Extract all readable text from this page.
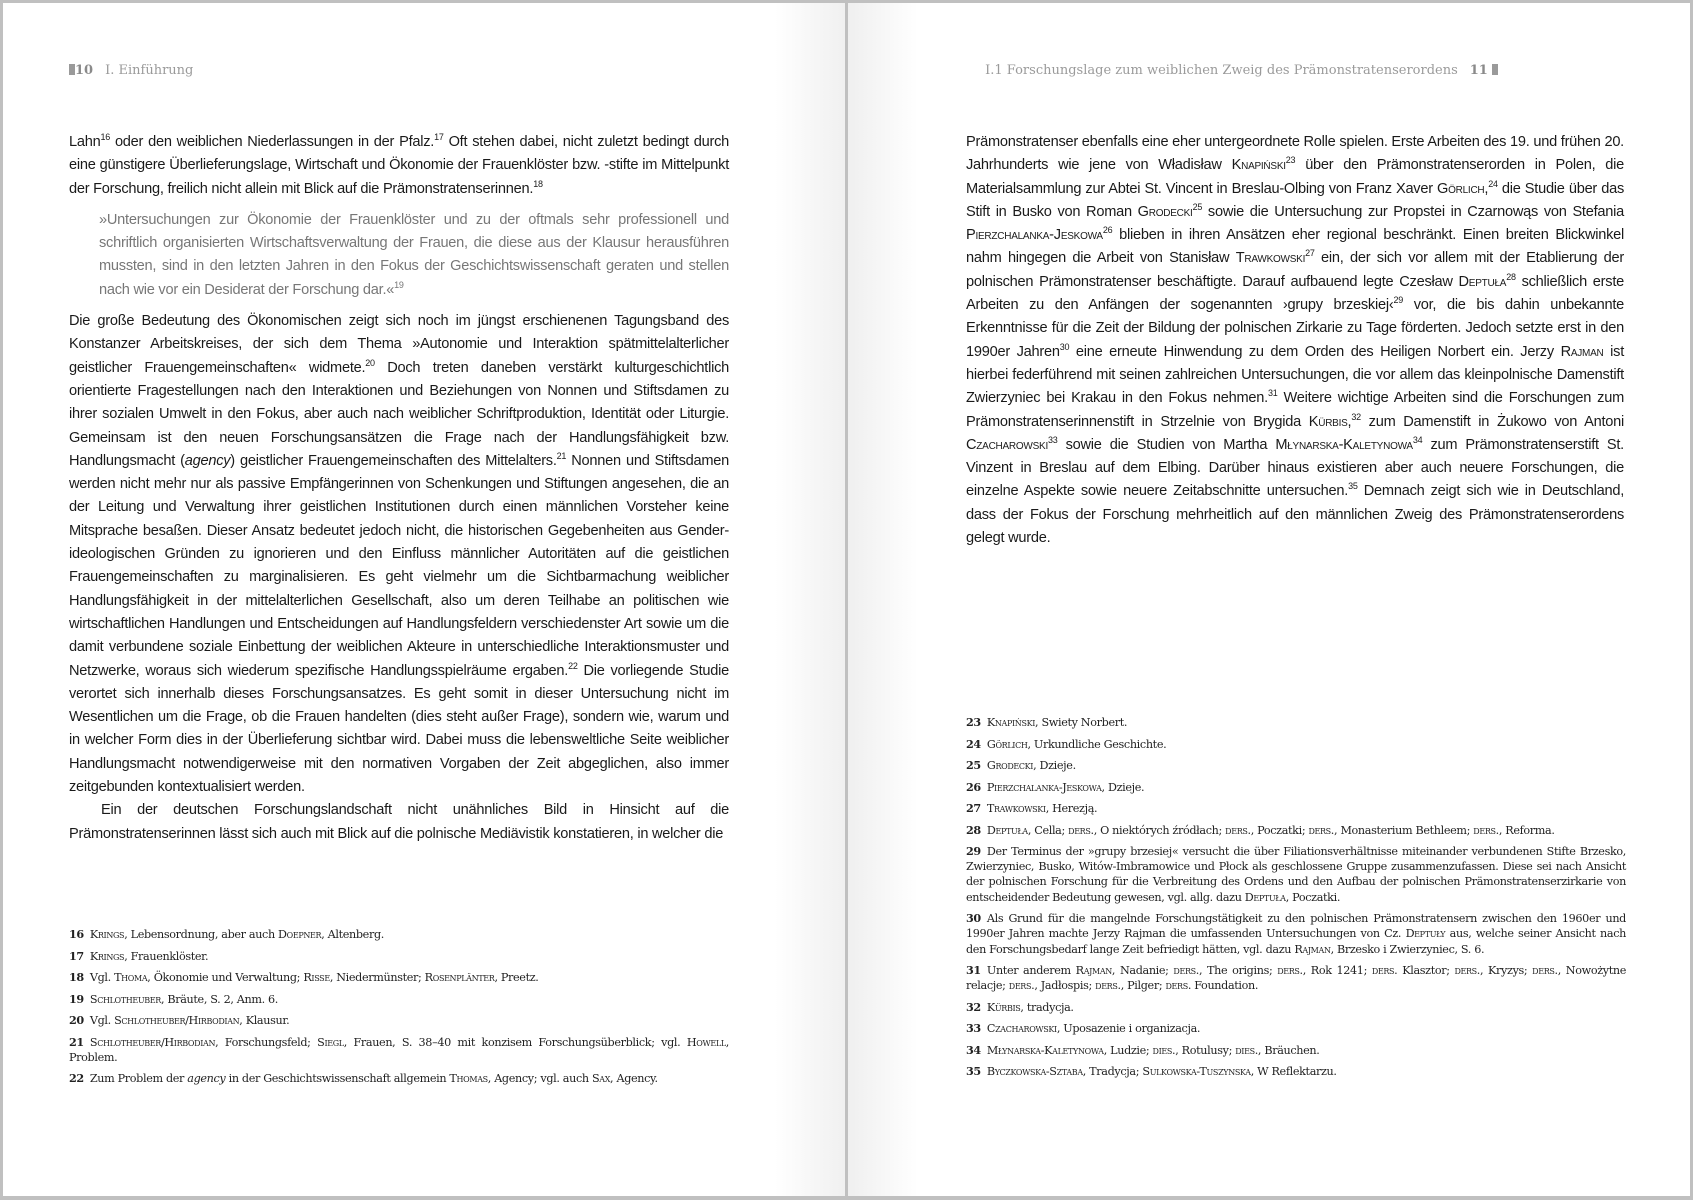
10 I. Einführung

Lahn$^{16}$ oder den weiblichen Niederlassungen in der Pfalz.$^{17}$ Oft stehen dabei, nicht zuletzt bedingt durch eine günstigere Überlieferungslage, Wirtschaft und Ökonomie der Frauenklöster bzw. -stifte im Mittelpunkt der Forschung, freilich nicht allein mit Blick auf die Prämonstratenserinnen.$^{18}$

»Untersuchungen zur Ökonomie der Frauenklöster und zu der oftmals sehr professionell und schriftlich organisierten Wirtschaftsverwaltung der Frauen, die diese aus der Klausur herausführen mussten, sind in den letzten Jahren in den Fokus der Geschichtswissenschaft geraten und stellen nach wie vor ein Desiderat der Forschung dar.«$^{19}$

Die große Bedeutung des Ökonomischen zeigt sich noch im jüngst erschienenen Tagungsband des Konstanzer Arbeitskreises, der sich dem Thema »Autonomie und Interaktion spätmittelalterlicher geistlicher Frauengemeinschaften« widmete.$^{20}$ Doch treten daneben verstärkt kulturgeschichtlich orientierte Fragestellungen nach den Interaktionen und Beziehungen von Nonnen und Stiftsdamen zu ihrer sozialen Umwelt in den Fokus, aber auch nach weiblicher Schriftproduktion, Identität oder Liturgie. Gemeinsam ist den neuen Forschungsansätzen die Frage nach der Handlungsfähigkeit bzw. Handlungsmacht (agency) geistlicher Frauengemeinschaften des Mittelalters.$^{21}$ Nonnen und Stiftsdamen werden nicht mehr nur als passive Empfängerinnen von Schenkungen und Stiftungen angesehen, die an der Leitung und Verwaltung ihrer geistlichen Institutionen durch einen männlichen Vorsteher keine Mitsprache besaßen. Dieser Ansatz bedeutet jedoch nicht, die historischen Gegebenheiten aus Gender-ideologischen Gründen zu ignorieren und den Einfluss männlicher Autoritäten auf die geistlichen Frauengemeinschaften zu marginalisieren. Es geht vielmehr um die Sichtbarmachung weiblicher Handlungsfähigkeit in der mittelalterlichen Gesellschaft, also um deren Teilhabe an politischen wie wirtschaftlichen Handlungen und Entscheidungen auf Handlungsfeldern verschiedenster Art sowie um die damit verbundene soziale Einbettung der weiblichen Akteure in unterschiedliche Interaktionsmuster und Netzwerke, woraus sich wiederum spezifische Handlungsspielräume ergaben.$^{22}$ Die vorliegende Studie verortet sich innerhalb dieses Forschungsansatzes. Es geht somit in dieser Untersuchung nicht im Wesentlichen um die Frage, ob die Frauen handelten (dies steht außer Frage), sondern wie, warum und in welcher Form dies in der Überlieferung sichtbar wird. Dabei muss die lebensweltliche Seite weiblicher Handlungsmacht notwendigerweise mit den normativen Vorgaben der Zeit abgeglichen, also immer zeitgebunden kontextualisiert werden.

Ein der deutschen Forschungslandschaft nicht unähnliches Bild in Hinsicht auf die Prämonstratenserinnen lässt sich auch mit Blick auf die polnische Mediävistik konstatieren, in welcher die

16 Krings, Lebensordnung, aber auch Doepner, Altenberg.
17 Krings, Frauenklöster.
18 Vgl. Thoma, Ökonomie und Verwaltung; Risse, Niedermünster; Rosenplänter, Preetz.
19 Schlotheuber, Bräute, S. 2, Anm. 6.
20 Vgl. Schlotheuber/Hirbodian, Klausur.
21 Schlotheuber/Hirbodian, Forschungsfeld; Siegl, Frauen, S. 38–40 mit konzisem Forschungsüberblick; vgl. Howell, Problem.
22 Zum Problem der agency in der Geschichtswissenschaft allgemein Thomas, Agency; vgl. auch Sax, Agency.
I.1 Forschungslage zum weiblichen Zweig des Prämonstratenserordens 11

Prämonstratenser ebenfalls eine eher untergeordnete Rolle spielen. Erste Arbeiten des 19. und frühen 20. Jahrhunderts wie jene von Władisław Knapiński$^{23}$ über den Prämonstratenserorden in Polen, die Materialsammlung zur Abtei St. Vincent in Breslau-Olbing von Franz Xaver Görlich,$^{24}$ die Studie über das Stift in Busko von Roman Grodecki$^{25}$ sowie die Untersuchung zur Propstei in Czarnowąs von Stefania Pierzchalanka-Jeskowa$^{26}$ blieben in ihren Ansätzen eher regional beschränkt. Einen breiten Blickwinkel nahm hingegen die Arbeit von Stanisław Trawkowski$^{27}$ ein, der sich vor allem mit der Etablierung der polnischen Prämonstratenser beschäftigte. Darauf aufbauend legte Czesław Deptuła$^{28}$ schließlich erste Arbeiten zu den Anfängen der sogenannten ›grupy brzeskiej‹$^{29}$ vor, die bis dahin unbekannte Erkenntnisse für die Zeit der Bildung der polnischen Zirkarie zu Tage förderten. Jedoch setzte erst in den 1990er Jahren$^{30}$ eine erneute Hinwendung zu dem Orden des Heiligen Norbert ein. Jerzy Rajman ist hierbei federführend mit seinen zahlreichen Untersuchungen, die vor allem das kleinpolnische Damenstift Zwierzyniec bei Krakau in den Fokus nehmen.$^{31}$ Weitere wichtige Arbeiten sind die Forschungen zum Prämonstratenserinnenstift in Strzelnie von Brygida Kürbis,$^{32}$ zum Damenstift in Żukowo von Antoni Czacharowski$^{33}$ sowie die Studien von Martha Młynarska-Kaletynowa$^{34}$ zum Prämonstratenserstift St. Vinzent in Breslau auf dem Elbing. Darüber hinaus existieren aber auch neuere Forschungen, die einzelne Aspekte sowie neuere Zeitabschnitte untersuchen.$^{35}$ Demnach zeigt sich wie in Deutschland, dass der Fokus der Forschung mehrheitlich auf den männlichen Zweig des Prämonstratenserordens gelegt wurde.

23 Knapiński, Swiety Norbert.
24 Görlich, Urkundliche Geschichte.
25 Grodecki, Dzieje.
26 Pierzchalanka-Jeskowa, Dzieje.
27 Trawkowski, Herezją.
28 Deptuła, Cella; ders., O niektórych źródłach; ders., Poczatki; ders., Monasterium Bethleem; ders., Reforma.
29 Der Terminus der »grupy brzesiej« versucht die über Filiationsverhältnisse miteinander verbundenen Stifte Brzesko, Zwierzyniec, Busko, Witów-Imbramowice und Płock als geschlossene Gruppe zusammenzufassen. Diese sei nach Ansicht der polnischen Forschung für die Verbreitung des Ordens und den Aufbau der polnischen Prämonstratenserzirkarie von entscheidender Bedeutung gewesen, vgl. allg. dazu Deptuła, Poczatki.
30 Als Grund für die mangelnde Forschungstätigkeit zu den polnischen Prämonstratensern zwischen den 1960er und 1990er Jahren machte Jerzy Rajman die umfassenden Untersuchungen von Cz. Deptuły aus, welche seiner Ansicht nach den Forschungsbedarf lange Zeit befriedigt hätten, vgl. dazu Rajman, Brzesko i Zwierzyniec, S. 6.
31 Unter anderem Rajman, Nadanie; ders., The origins; ders., Rok 1241; ders. Klasztor; ders., Kryzys; ders., Nowożytne relacje; ders., Jadłospis; ders., Pilger; ders. Foundation.
32 Kürbis, tradycja.
33 Czacharowski, Uposazenie i organizacja.
34 Młynarska-Kaletynowa, Ludzie; dies., Rotulusy; dies., Bräuchen.
35 Byczkowska-Sztaba, Tradycja; Sulkowska-Tuszynska, W Reflektarzu.
